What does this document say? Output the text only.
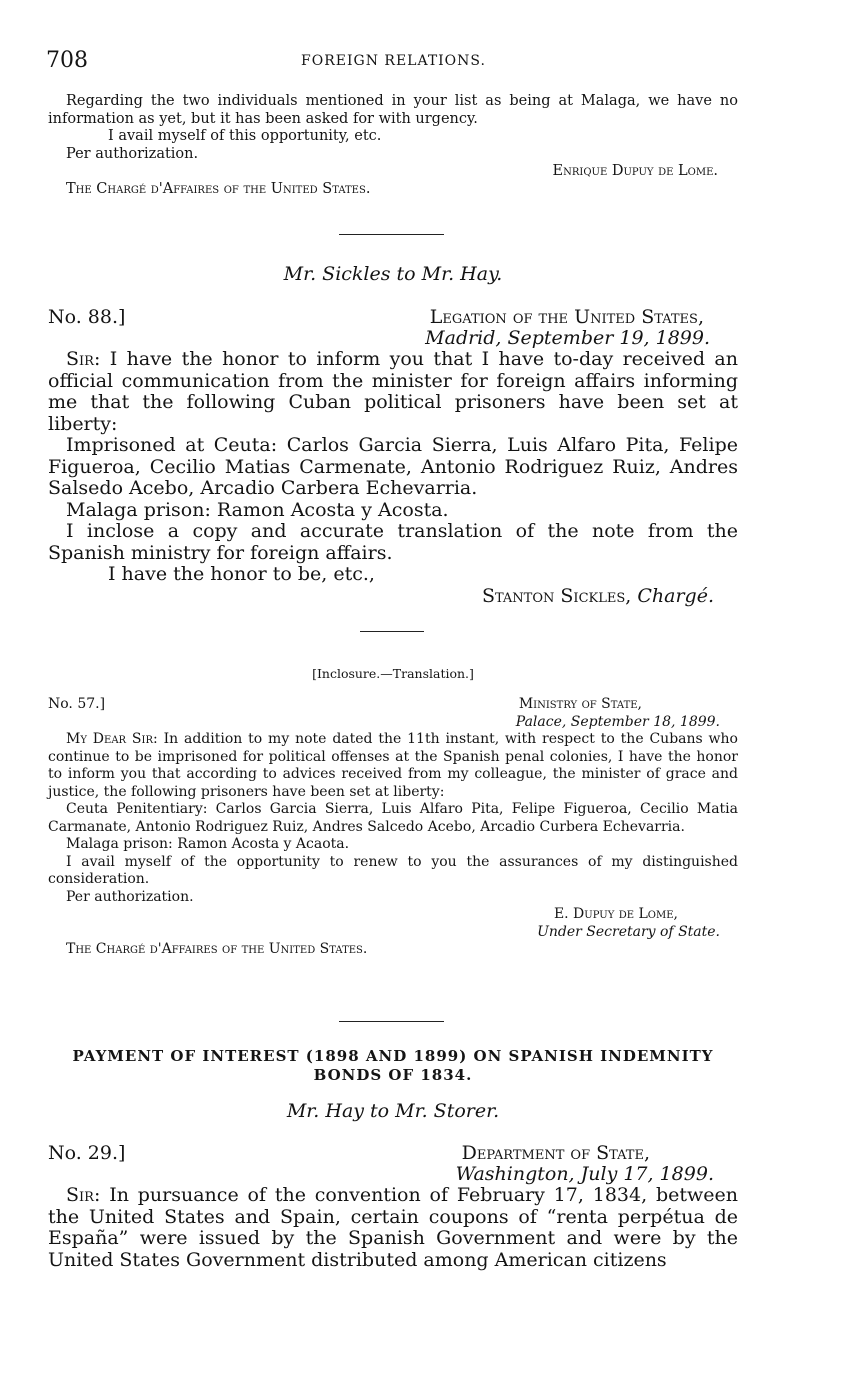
708	FOREIGN RELATIONS.

Regarding the two individuals mentioned in your list as being at Malaga, we have no information as yet, but it has been asked for with urgency.

I avail myself of this opportunity, etc.

Per authorization.

Enrique Dupuy de Lome.

The Chargé d'Affaires of the United States.

Mr. Sickles to Mr. Hay.

No. 88.]	Legation of the United States,

Madrid, September 19, 1899.

Sir: I have the honor to inform you that I have to-day received an official communication from the minister for foreign affairs informing me that the following Cuban political prisoners have been set at liberty:

Imprisoned at Ceuta: Carlos Garcia Sierra, Luis Alfaro Pita, Felipe Figueroa, Cecilio Matias Carmenate, Antonio Rodriguez Ruiz, Andres Salsedo Acebo, Arcadio Carbera Echevarria.

Malaga prison: Ramon Acosta y Acosta.

I inclose a copy and accurate translation of the note from the Spanish ministry for foreign affairs.

I have the honor to be, etc.,

Stanton Sickles, Chargé.

[Inclosure.—Translation.]

No. 57.]	Ministry of State,

Palace, September 18, 1899.

My Dear Sir: In addition to my note dated the 11th instant, with respect to the Cubans who continue to be imprisoned for political offenses at the Spanish penal colonies, I have the honor to inform you that according to advices received from my colleague, the minister of grace and justice, the following prisoners have been set at liberty:

Ceuta Penitentiary: Carlos Garcia Sierra, Luis Alfaro Pita, Felipe Figueroa, Cecilio Matia Carmanate, Antonio Rodriguez Ruiz, Andres Salcedo Acebo, Arcadio Curbera Echevarria.

Malaga prison: Ramon Acosta y Acaota.

I avail myself of the opportunity to renew to you the assurances of my distinguished consideration.

Per authorization.

E. Dupuy de Lome,

Under Secretary of State.

The Chargé d'Affaires of the United States.

PAYMENT OF INTEREST (1898 AND 1899) ON SPANISH INDEMNITY BONDS OF 1834.

Mr. Hay to Mr. Storer.

No. 29.]	Department of State,

Washington, July 17, 1899.

Sir: In pursuance of the convention of February 17, 1834, between the United States and Spain, certain coupons of “renta perpétua de España” were issued by the Spanish Government and were by the United States Government distributed among American citizens
